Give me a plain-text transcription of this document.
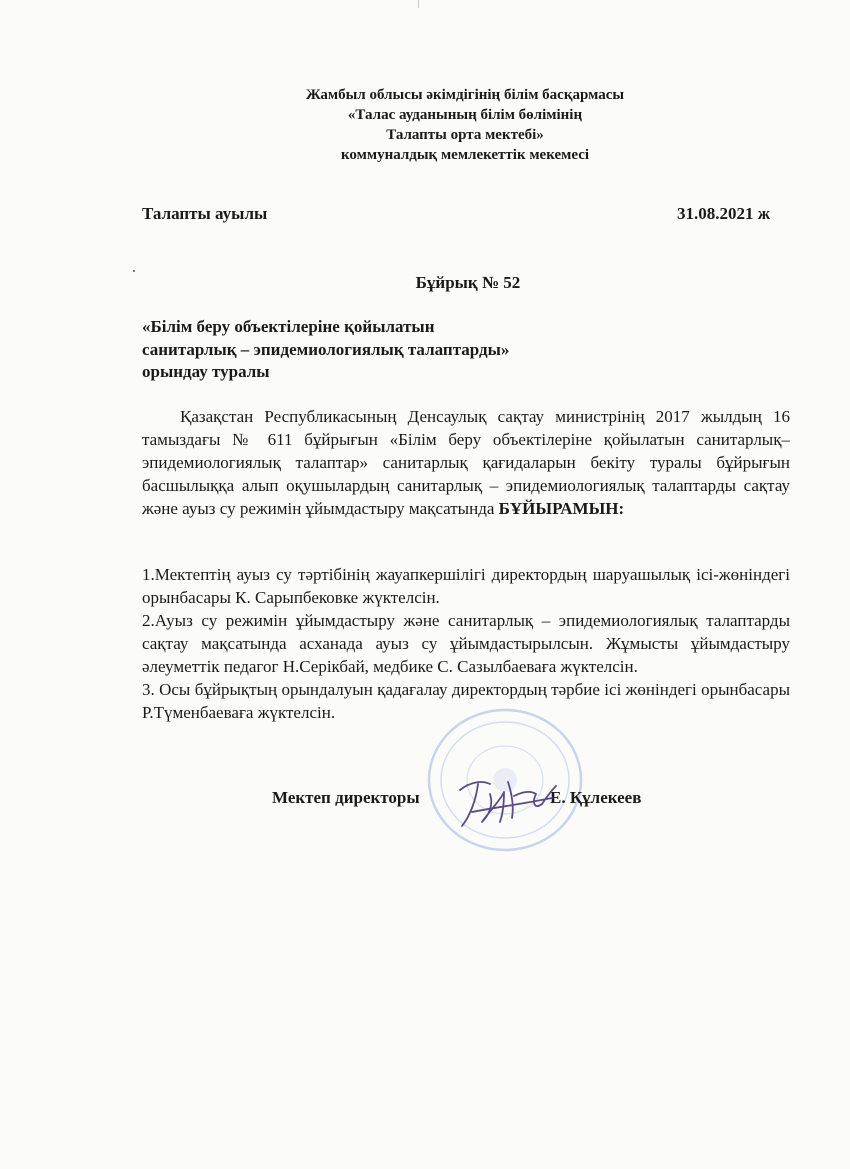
Жамбыл облысы әкімдігінің білім басқармасы
«Талас ауданының білім бөлімінің
Талапты орта мектебі»
коммуналдық мемлекеттік мекемесі
Талапты ауылы	31.08.2021 ж
Бұйрық № 52
«Білім беру объектілеріне қойылатын
санитарлық – эпидемиологиялық талаптарды»
орындау туралы
Қазақстан Республикасының Денсаулық сақтау министрінің 2017 жылдың 16 тамыздағы № 611 бұйрығын «Білім беру объектілеріне қойылатын санитарлық–эпидемиологиялық талаптар» санитарлық қағидаларын бекіту туралы бұйрығын басшылыққа алып оқушылардың санитарлық – эпидемиологиялық талаптарды сақтау және ауыз су режимін ұйымдастыру мақсатында БҰЙЫРАМЫН:

1.Мектептің ауыз су тәртібінің жауапкершілігі директордың шаруашылық ісі-жөніндегі орынбасары К. Сарыпбековке жүктелсін.

2.Ауыз су режимін ұйымдастыру және санитарлық – эпидемиологиялық талаптарды сақтау мақсатында асханада ауыз су ұйымдастырылсын. Жұмысты ұйымдастыру әлеуметтік педагог Н.Серікбай, медбике С. Сазылбаеваға жүктелсін.

3. Осы бұйрықтың орындалуын қадағалау директордың тәрбие ісі жөніндегі орынбасары Р.Түменбаеваға жүктелсін.

Мектеп директоры	Е. Құлекеев
